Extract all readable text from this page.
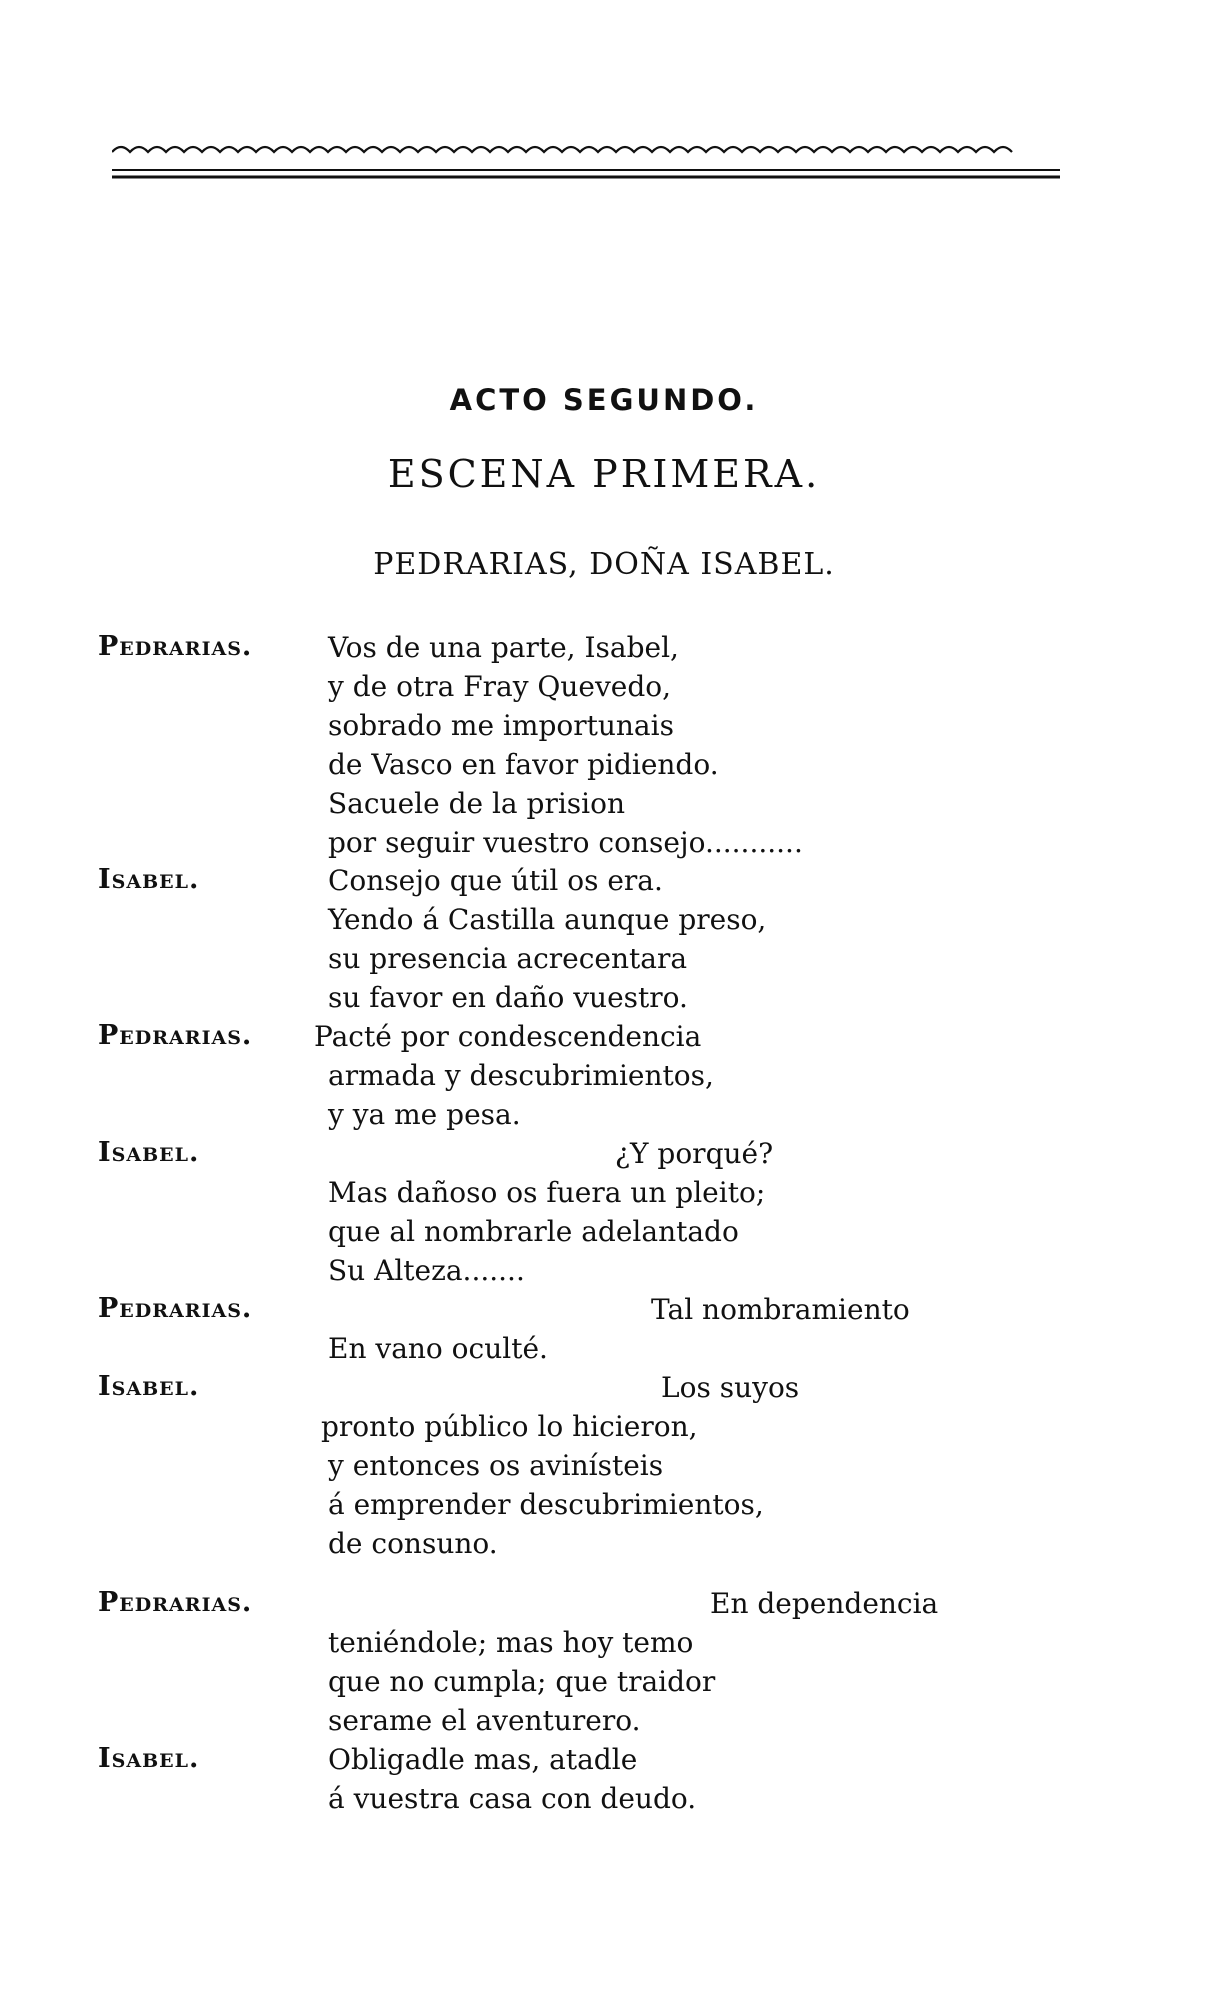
ACTO SEGUNDO.
ESCENA PRIMERA.
PEDRARIAS, DOÑA ISABEL.
Pedrarias.
Isabel.
Pedrarias.
Isabel.
Pedrarias.
Isabel.
Pedrarias.
Isabel.
Vos de una parte, Isabel,
y de otra Fray Quevedo,
sobrado me importunais
de Vasco en favor pidiendo.
Sacuele de la prision
por seguir vuestro consejo...........
Consejo que útil os era.
Yendo á Castilla aunque preso,
su presencia acrecentara
su favor en daño vuestro.
Pacté por condescendencia
armada y descubrimientos,
y ya me pesa.
¿Y porqué?
Mas dañoso os fuera un pleito;
que al nombrarle adelantado
Su Alteza.......
Tal nombramiento
En vano oculté.
Los suyos
pronto público lo hicieron,
y entonces os avinísteis
á emprender descubrimientos,
de consuno.
En dependencia
teniéndole; mas hoy temo
que no cumpla; que traidor
serame el aventurero.
Obligadle mas, atadle
á vuestra casa con deudo.
